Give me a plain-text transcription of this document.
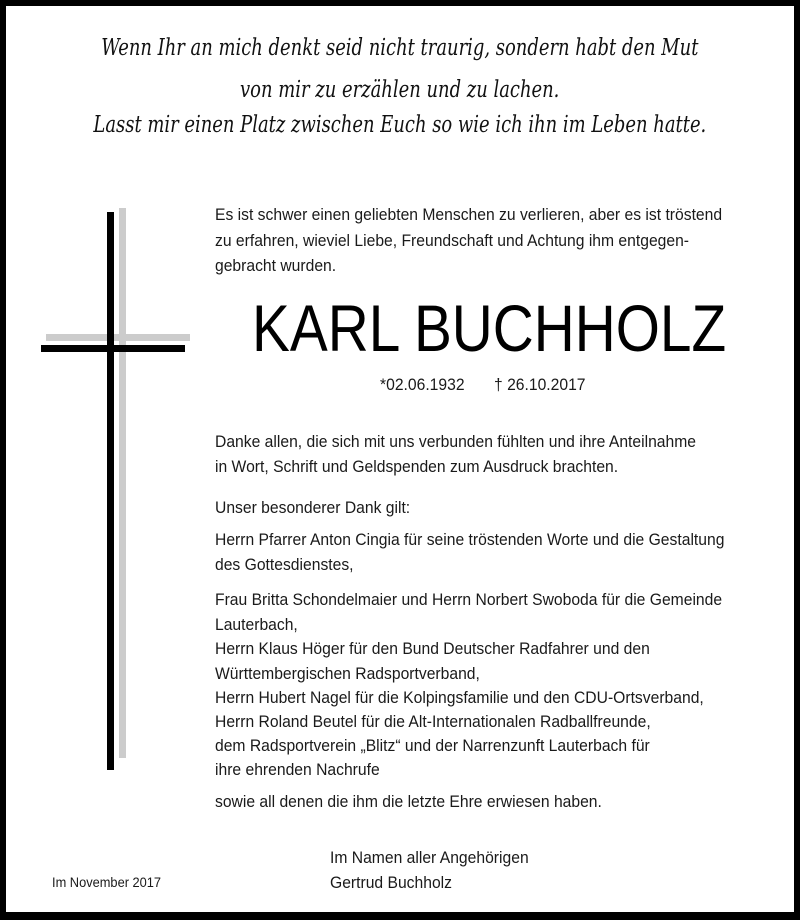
Wenn Ihr an mich denkt seid nicht traurig, sondern habt den Mut
von mir zu erzählen und zu lachen.
Lasst mir einen Platz zwischen Euch so wie ich ihn im Leben hatte.
Es ist schwer einen geliebten Menschen zu verlieren, aber es ist tröstend
zu erfahren, wieviel Liebe, Freundschaft und Achtung ihm entgegen-
gebracht wurden.
KARL BUCHHOLZ
*02.06.1932 † 26.10.2017
Danke allen, die sich mit uns verbunden fühlten und ihre Anteilnahme
in Wort, Schrift und Geldspenden zum Ausdruck brachten.
Unser besonderer Dank gilt:
Herrn Pfarrer Anton Cingia für seine tröstenden Worte und die Gestaltung
des Gottesdienstes,
Frau Britta Schondelmaier und Herrn Norbert Swoboda für die Gemeinde
Lauterbach,
Herrn Klaus Höger für den Bund Deutscher Radfahrer und den
Württembergischen Radsportverband,
Herrn Hubert Nagel für die Kolpingsfamilie und den CDU-Ortsverband,
Herrn Roland Beutel für die Alt-Internationalen Radballfreunde,
dem Radsportverein „Blitz“ und der Narrenzunft Lauterbach für
ihre ehrenden Nachrufe
sowie all denen die ihm die letzte Ehre erwiesen haben.
Im November 2017
Im Namen aller Angehörigen
Gertrud Buchholz
